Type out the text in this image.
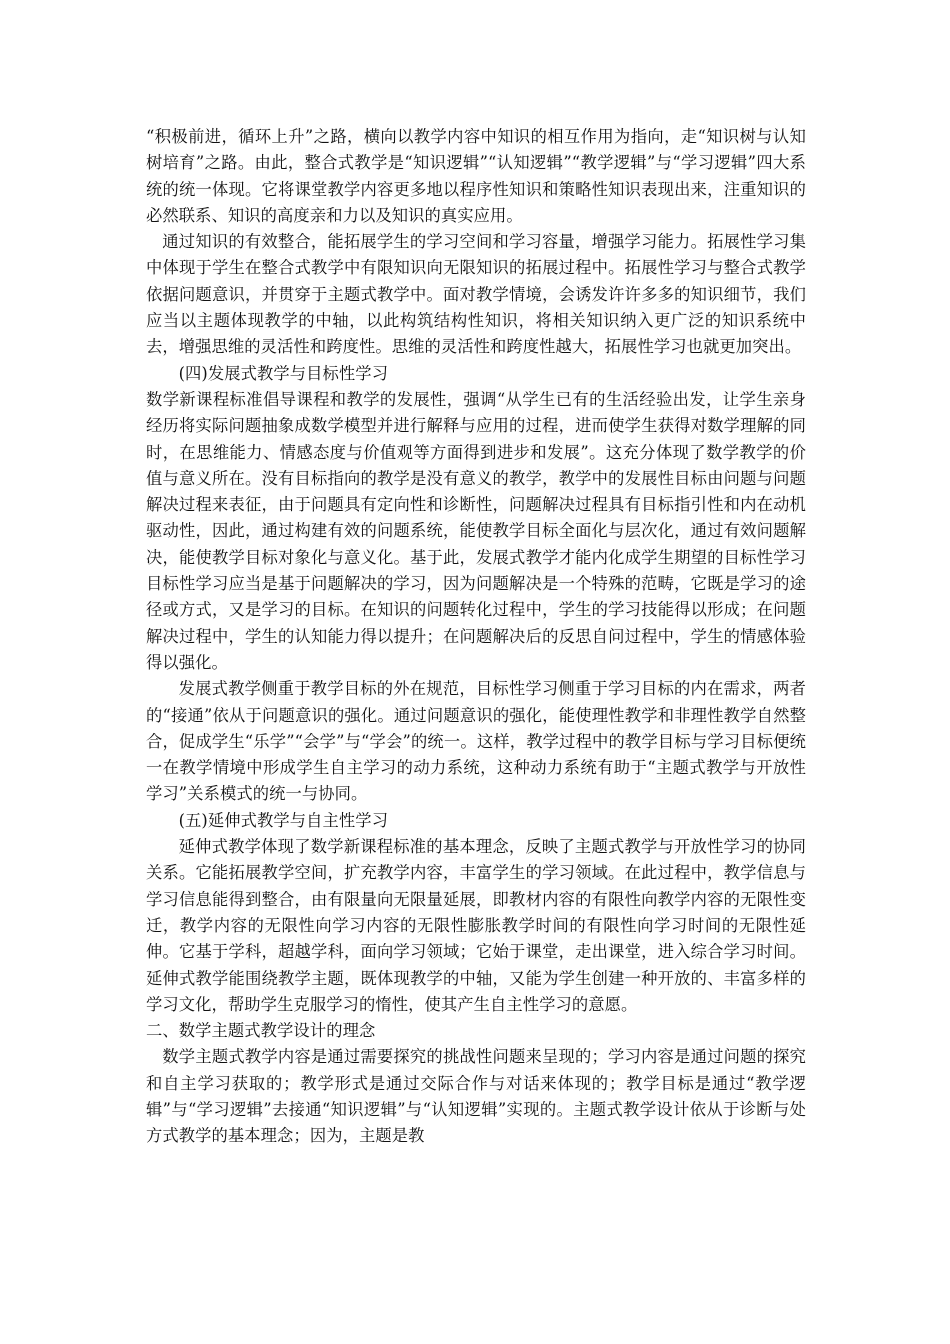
“积极前进，循环上升”之路，横向以教学内容中知识的相互作用为指向，走“知识树与认知树培育”之路。由此，整合式教学是“知识逻辑”“认知逻辑”“教学逻辑”与“学习逻辑”四大系统的统一体现。它将课堂教学内容更多地以程序性知识和策略性知识表现出来，注重知识的必然联系、知识的高度亲和力以及知识的真实应用。

通过知识的有效整合，能拓展学生的学习空间和学习容量，增强学习能力。拓展性学习集中体现于学生在整合式教学中有限知识向无限知识的拓展过程中。拓展性学习与整合式教学依据问题意识，并贯穿于主题式教学中。面对教学情境，会诱发许许多多的知识细节，我们应当以主题体现教学的中轴，以此构筑结构性知识，将相关知识纳入更广泛的知识系统中去，增强思维的灵活性和跨度性。思维的灵活性和跨度性越大，拓展性学习也就更加突出。

(四)发展式教学与目标性学习

数学新课程标准倡导课程和教学的发展性，强调“从学生已有的生活经验出发，让学生亲身经历将实际问题抽象成数学模型并进行解释与应用的过程，进而使学生获得对数学理解的同时，在思维能力、情感态度与价值观等方面得到进步和发展”。这充分体现了数学教学的价值与意义所在。没有目标指向的教学是没有意义的教学，教学中的发展性目标由问题与问题解决过程来表征，由于问题具有定向性和诊断性，问题解决过程具有目标指引性和内在动机驱动性，因此，通过构建有效的问题系统，能使教学目标全面化与层次化，通过有效问题解决，能使教学目标对象化与意义化。基于此，发展式教学才能内化成学生期望的目标性学习目标性学习应当是基于问题解决的学习，因为问题解决是一个特殊的范畴，它既是学习的途径或方式，又是学习的目标。在知识的问题转化过程中，学生的学习技能得以形成；在问题解决过程中，学生的认知能力得以提升；在问题解决后的反思自问过程中，学生的情感体验得以强化。

发展式教学侧重于教学目标的外在规范，目标性学习侧重于学习目标的内在需求，两者的“接通”依从于问题意识的强化。通过问题意识的强化，能使理性教学和非理性教学自然整合，促成学生“乐学”“会学”与“学会”的统一。这样，教学过程中的教学目标与学习目标便统一在教学情境中形成学生自主学习的动力系统，这种动力系统有助于“主题式教学与开放性学习”关系模式的统一与协同。

(五)延伸式教学与自主性学习

延伸式教学体现了数学新课程标准的基本理念，反映了主题式教学与开放性学习的协同关系。它能拓展教学空间，扩充教学内容，丰富学生的学习领域。在此过程中，教学信息与学习信息能得到整合，由有限量向无限量延展，即教材内容的有限性向教学内容的无限性变迁，教学内容的无限性向学习内容的无限性膨胀教学时间的有限性向学习时间的无限性延伸。它基于学科，超越学科，面向学习领域；它始于课堂，走出课堂，进入综合学习时间。延伸式教学能围绕教学主题，既体现教学的中轴，又能为学生创建一种开放的、丰富多样的学习文化，帮助学生克服学习的惰性，使其产生自主性学习的意愿。

二、数学主题式教学设计的理念

数学主题式教学内容是通过需要探究的挑战性问题来呈现的；学习内容是通过问题的探究和自主学习获取的；教学形式是通过交际合作与对话来体现的；教学目标是通过“教学逻辑”与“学习逻辑”去接通“知识逻辑”与“认知逻辑”实现的。主题式教学设计依从于诊断与处方式教学的基本理念；因为，主题是教
